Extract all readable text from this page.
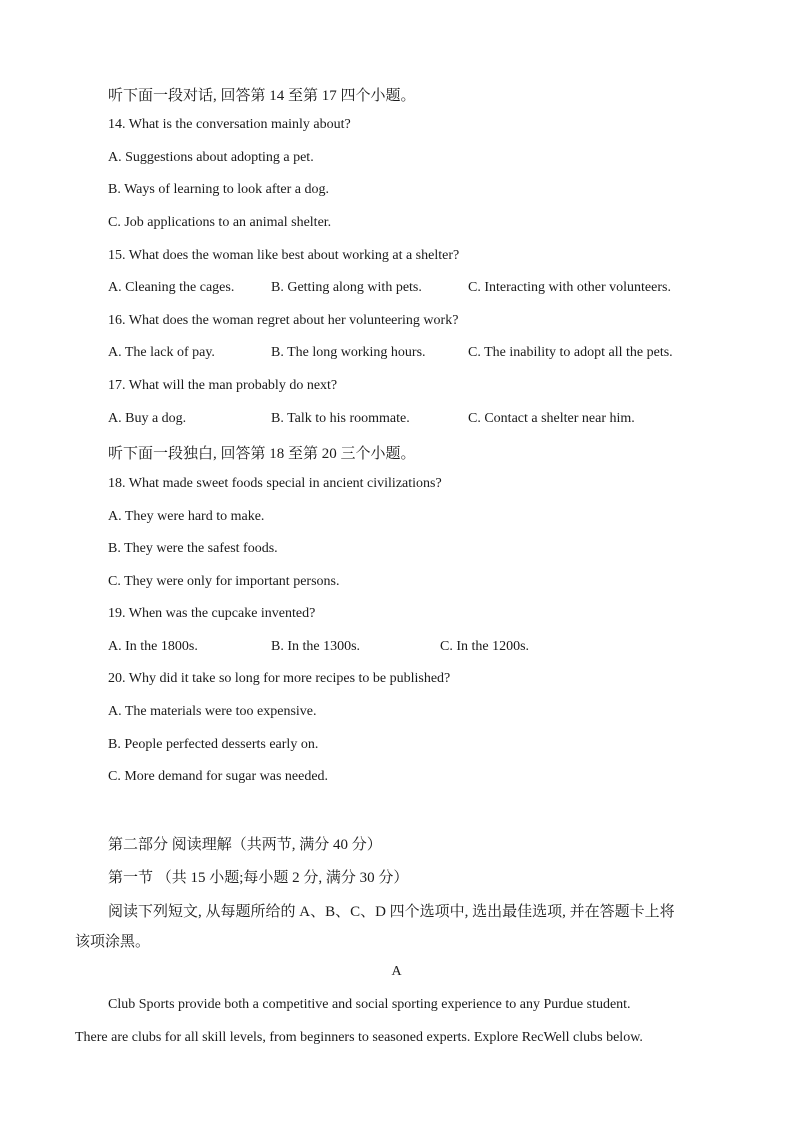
听下面一段对话, 回答第 14 至第 17 四个小题。
14. What is the conversation mainly about?
A. Suggestions about adopting a pet.
B. Ways of learning to look after a dog.
C. Job applications to an animal shelter.
15. What does the woman like best about working at a shelter?
A. Cleaning the cages.	B. Getting along with pets.	C. Interacting with other volunteers.
16. What does the woman regret about her volunteering work?
A. The lack of pay.	B. The long working hours.	C. The inability to adopt all the pets.
17. What will the man probably do next?
A. Buy a dog.	B. Talk to his roommate.	C. Contact a shelter near him.
听下面一段独白, 回答第 18 至第 20 三个小题。
18. What made sweet foods special in ancient civilizations?
A. They were hard to make.
B. They were the safest foods.
C. They were only for important persons.
19. When was the cupcake invented?
A. In the 1800s.	B. In the 1300s.	C. In the 1200s.
20. Why did it take so long for more recipes to be published?
A. The materials were too expensive.
B. People perfected desserts early on.
C. More demand for sugar was needed.
第二部分 阅读理解（共两节, 满分 40 分）
第一节 （共 15 小题;每小题 2 分, 满分 30 分）
阅读下列短文, 从每题所给的 A、B、C、D 四个选项中, 选出最佳选项, 并在答题卡上将
该项涂黑。
A
Club Sports provide both a competitive and social sporting experience to any Purdue student.
There are clubs for all skill levels, from beginners to seasoned experts. Explore RecWell clubs below.
